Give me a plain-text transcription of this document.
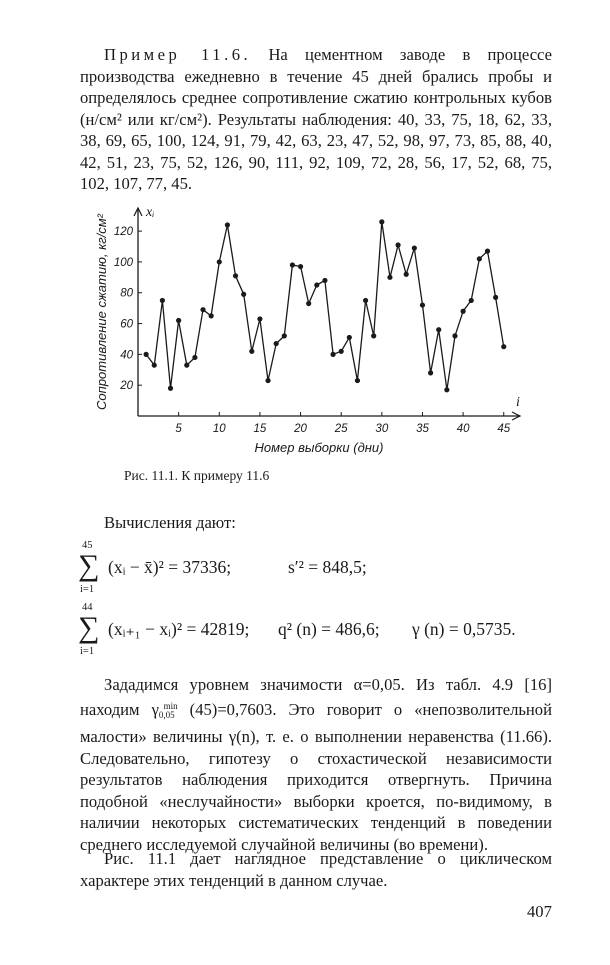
Пример 11.6. На цементном заводе в процессе производства ежедневно в течение 45 дней брались пробы и определялось среднее сопротивление сжатию контрольных кубов (н/см² или кг/см²). Результаты наблюдения: 40, 33, 75, 18, 62, 33, 38, 69, 65, 100, 124, 91, 79, 42, 63, 23, 47, 52, 98, 97, 73, 85, 88, 40, 42, 51, 23, 75, 52, 126, 90, 111, 92, 109, 72, 28, 56, 17, 52, 68, 75, 102, 107, 77, 45.

5	10 15 20 25 30 35 40 45
20
40
60
80
100
120
Сопротивление сжатию, кг/см²
Номер выборки (дни)
xᵢ
i
Рис. 11.1. К примеру 11.6

Вычисления дают:

45
∑
i=1
(xᵢ − x̄)² = 37336;	s′² = 848,5;
44
∑
i=1
(xᵢ₊₁ − xᵢ)² = 42819; q² (n) = 486,6; γ (n) = 0,5735.

Зададимся уровнем значимости α=0,05. Из табл. 4.9 [16] находим $\gamma 0,05^{min}$ (45)=0,7603. Это говорит о «непозволительной малости» величины γ(n), т. е. о выполнении неравенства (11.66). Следовательно, гипотезу о стохастической независимости результатов наблюдения приходится отвергнуть. Причина подобной «неслучайности» выборки кроется, по-видимому, в наличии некоторых систематических тенденций в поведении среднего исследуемой случайной величины (во времени).

Рис. 11.1 дает наглядное представление о циклическом характере этих тенденций в данном случае.

407
